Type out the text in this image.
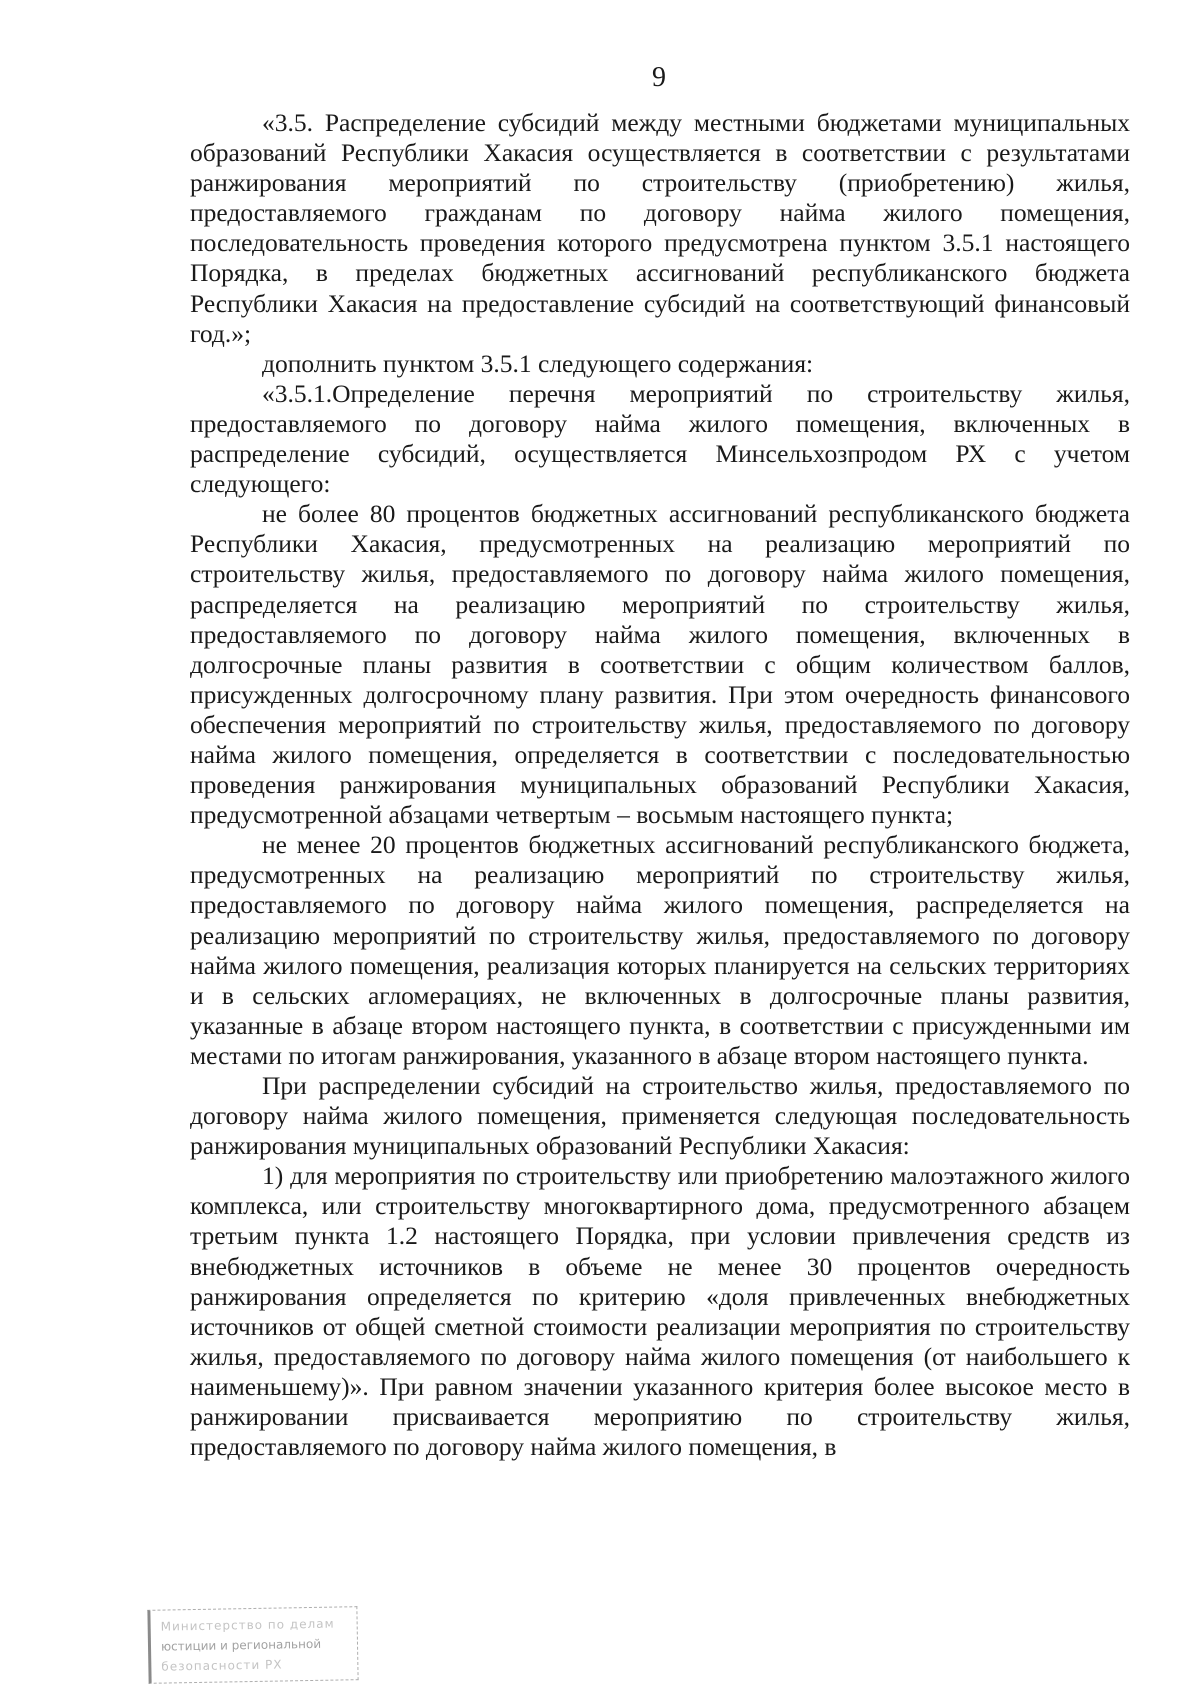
9

«3.5. Распределение субсидий между местными бюджетами муниципальных образований Республики Хакасия осуществляется в соответствии с результатами ранжирования мероприятий по строительству (приобретению) жилья, предоставляемого гражданам по договору найма жилого помещения, последовательность проведения которого предусмотрена пунктом 3.5.1 настоящего Порядка, в пределах бюджетных ассигнований республиканского бюджета Республики Хакасия на предоставление субсидий на соответствующий финансовый год.»;

дополнить пунктом 3.5.1 следующего содержания:

«3.5.1.Определение перечня мероприятий по строительству жилья, предоставляемого по договору найма жилого помещения, включенных в распределение субсидий, осуществляется Минсельхозпродом РХ с учетом следующего:

не более 80 процентов бюджетных ассигнований республиканского бюджета Республики Хакасия, предусмотренных на реализацию мероприятий по строительству жилья, предоставляемого по договору найма жилого помещения, распределяется на реализацию мероприятий по строительству жилья, предоставляемого по договору найма жилого помещения, включенных в долгосрочные планы развития в соответствии с общим количеством баллов, присужденных долгосрочному плану развития. При этом очередность финансового обеспечения мероприятий по строительству жилья, предоставляемого по договору найма жилого помещения, определяется в соответствии с последовательностью проведения ранжирования муниципальных образований Республики Хакасия, предусмотренной абзацами четвертым – восьмым настоящего пункта;

не менее 20 процентов бюджетных ассигнований республиканского бюджета, предусмотренных на реализацию мероприятий по строительству жилья, предоставляемого по договору найма жилого помещения, распределяется на реализацию мероприятий по строительству жилья, предоставляемого по договору найма жилого помещения, реализация которых планируется на сельских территориях и в сельских агломерациях, не включенных в долгосрочные планы развития, указанные в абзаце втором настоящего пункта, в соответствии с присужденными им местами по итогам ранжирования, указанного в абзаце втором настоящего пункта.

При распределении субсидий на строительство жилья, предоставляемого по договору найма жилого помещения, применяется следующая последовательность ранжирования муниципальных образований Республики Хакасия:

1) для мероприятия по строительству или приобретению малоэтажного жилого комплекса, или строительству многоквартирного дома, предусмотренного абзацем третьим пункта 1.2 настоящего Порядка, при условии привлечения средств из внебюджетных источников в объеме не менее 30 процентов очередность ранжирования определяется по критерию «доля привлеченных внебюджетных источников от общей сметной стоимости реализации мероприятия по строительству жилья, предоставляемого по договору найма жилого помещения (от наибольшего к наименьшему)». При равном значении указанного критерия более высокое место в ранжировании присваивается мероприятию по строительству жилья, предоставляемого по договору найма жилого помещения, в

Министерство по делам
юстиции и региональной
безопасности РХ
